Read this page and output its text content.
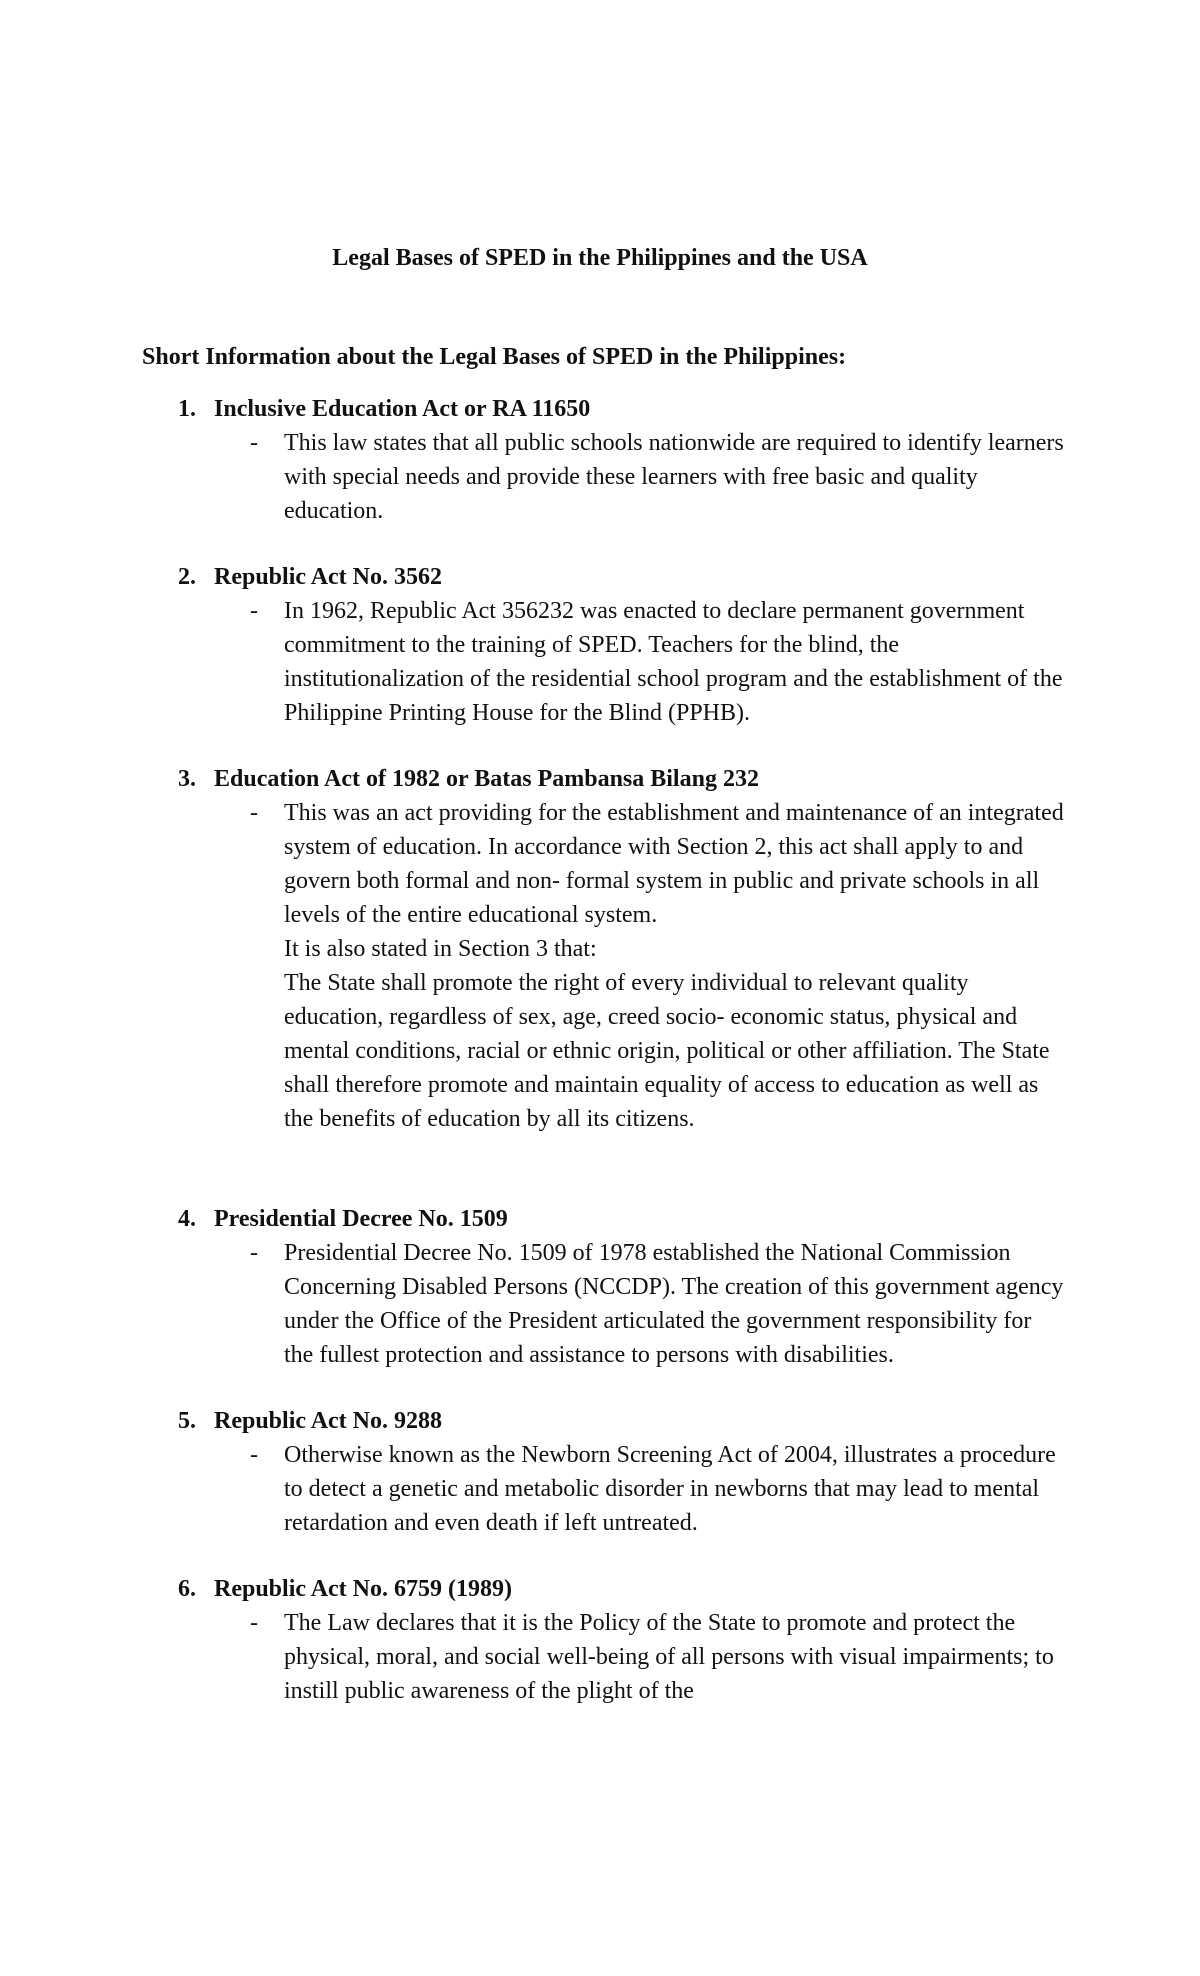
Legal Bases of SPED in the Philippines and the USA
Short Information about the Legal Bases of SPED in the Philippines:
1. Inclusive Education Act or RA 11650
- This law states that all public schools nationwide are required to identify learners with special needs and provide these learners with free basic and quality education.

2. Republic Act No. 3562
- In 1962, Republic Act 356232 was enacted to declare permanent government commitment to the training of SPED. Teachers for the blind, the institutionalization of the residential school program and the establishment of the Philippine Printing House for the Blind (PPHB).

3. Education Act of 1982 or Batas Pambansa Bilang 232
- This was an act providing for the establishment and maintenance of an integrated system of education. In accordance with Section 2, this act shall apply to and govern both formal and non- formal system in public and private schools in all levels of the entire educational system.

It is also stated in Section 3 that:

The State shall promote the right of every individual to relevant quality education, regardless of sex, age, creed socio- economic status, physical and mental conditions, racial or ethnic origin, political or other affiliation. The State shall therefore promote and maintain equality of access to education as well as the benefits of education by all its citizens.

4. Presidential Decree No. 1509
- Presidential Decree No. 1509 of 1978 established the National Commission Concerning Disabled Persons (NCCDP). The creation of this government agency under the Office of the President articulated the government responsibility for the fullest protection and assistance to persons with disabilities.

5. Republic Act No. 9288
- Otherwise known as the Newborn Screening Act of 2004, illustrates a procedure to detect a genetic and metabolic disorder in newborns that may lead to mental retardation and even death if left untreated.

6. Republic Act No. 6759 (1989)
- The Law declares that it is the Policy of the State to promote and protect the physical, moral, and social well-being of all persons with visual impairments; to instill public awareness of the plight of the
